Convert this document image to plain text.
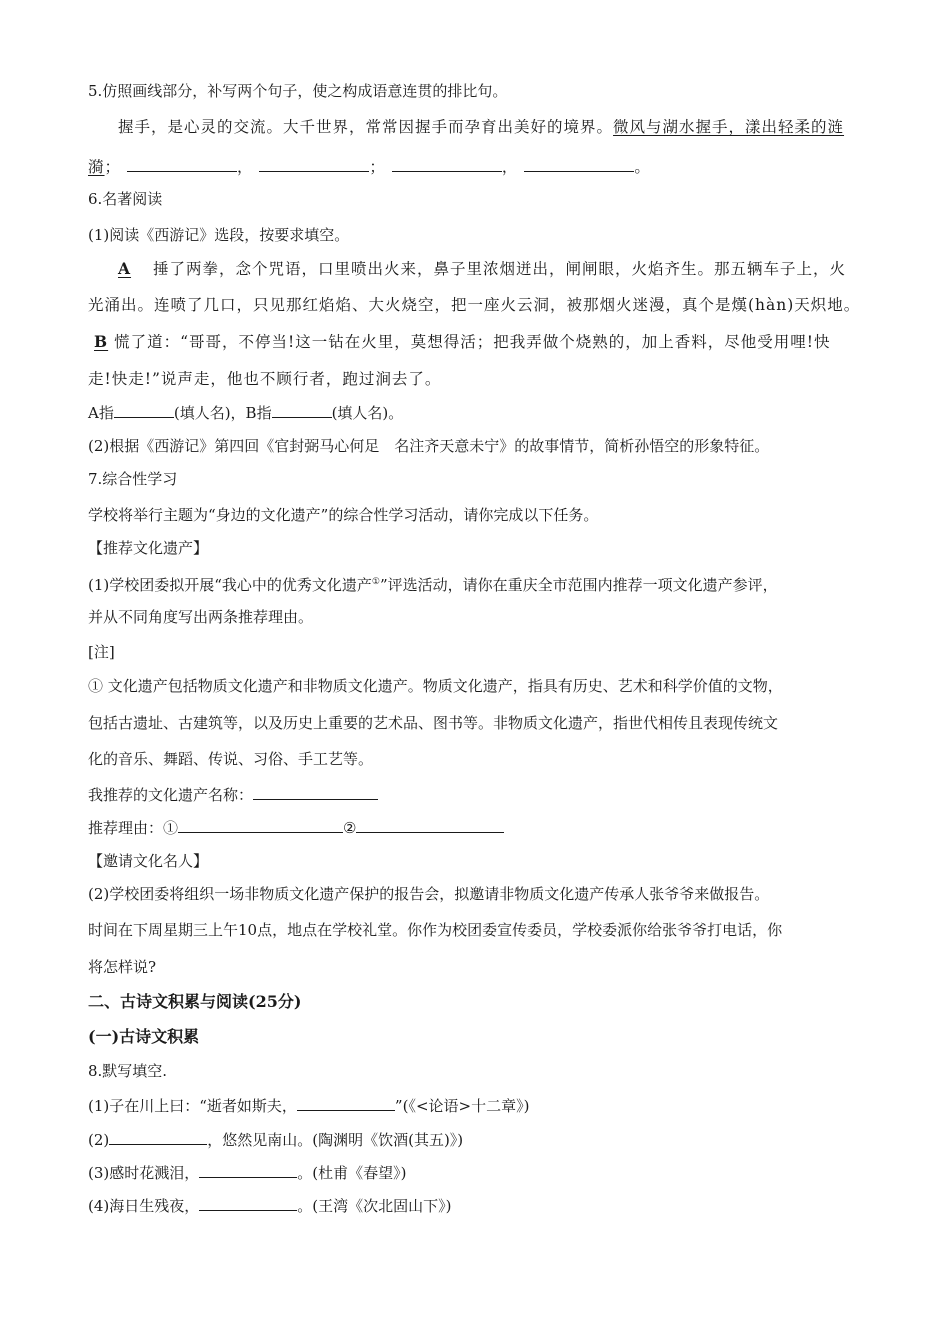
5.仿照画线部分，补写两个句子，使之构成语意连贯的排比句。

握手，是心灵的交流。大千世界，常常因握手而孕育出美好的境界。微风与湖水握手，漾出轻柔的涟

漪；	，	；	，	。

6.名著阅读

(1)阅读《西游记》选段，按要求填空。

A 捶了两拳，念个咒语，口里喷出火来，鼻子里浓烟迸出，闸闸眼，火焰齐生。那五辆车子上，火

光涌出。连喷了几口，只见那红焰焰、大火烧空，把一座火云洞，被那烟火迷漫，真个是熯(hàn)天炽地。

B 慌了道：“哥哥，不停当!这一钻在火里，莫想得活；把我弄做个烧熟的，加上香料，尽他受用哩!快

走!快走!”说声走，他也不顾行者，跑过涧去了。

A指	(填人名)，B指	(填人名)。

(2)根据《西游记》第四回《官封弼马心何足　名注齐天意未宁》的故事情节，简析孙悟空的形象特征。

7.综合性学习

学校将举行主题为“身边的文化遗产”的综合性学习活动，请你完成以下任务。

【推荐文化遗产】

(1)学校团委拟开展“我心中的优秀文化遗产①”评选活动，请你在重庆全市范围内推荐一项文化遗产参评，

并从不同角度写出两条推荐理由。

[注]

① 文化遗产包括物质文化遗产和非物质文化遗产。物质文化遗产，指具有历史、艺术和科学价值的文物，

包括古遗址、古建筑等，以及历史上重要的艺术品、图书等。非物质文化遗产，指世代相传且表现传统文

化的音乐、舞蹈、传说、习俗、手工艺等。

我推荐的文化遗产名称：

推荐理由：①	②

【邀请文化名人】

(2)学校团委将组织一场非物质文化遗产保护的报告会，拟邀请非物质文化遗产传承人张爷爷来做报告。

时间在下周星期三上午10点，地点在学校礼堂。你作为校团委宣传委员，学校委派你给张爷爷打电话，你

将怎样说?

二、古诗文积累与阅读(25分)

(一)古诗文积累

8.默写填空.

(1)子在川上曰：“逝者如斯夫，	”(《<论语>十二章》)

(2)	，悠然见南山。(陶渊明《饮酒(其五)》)

(3)感时花溅泪，	。(杜甫《春望》)

(4)海日生残夜，	。(王湾《次北固山下》)
